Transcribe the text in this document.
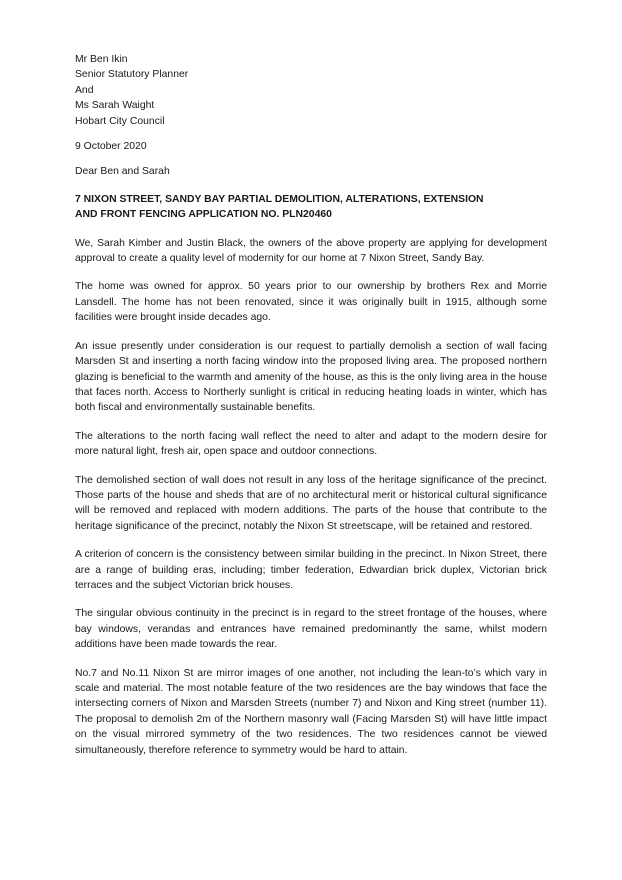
Mr Ben Ikin
Senior Statutory Planner
And
Ms Sarah Waight
Hobart City Council
9 October 2020
Dear Ben and Sarah
7 NIXON STREET, SANDY BAY PARTIAL DEMOLITION, ALTERATIONS, EXTENSION
AND FRONT FENCING APPLICATION NO. PLN20460

We, Sarah Kimber and Justin Black, the owners of the above property are applying for development approval to create a quality level of modernity for our home at 7 Nixon Street, Sandy Bay.

The home was owned for approx. 50 years prior to our ownership by brothers Rex and Morrie Lansdell. The home has not been renovated, since it was originally built in 1915, although some facilities were brought inside decades ago.

An issue presently under consideration is our request to partially demolish a section of wall facing Marsden St and inserting a north facing window into the proposed living area. The proposed northern glazing is beneficial to the warmth and amenity of the house, as this is the only living area in the house that faces north. Access to Northerly sunlight is critical in reducing heating loads in winter, which has both fiscal and environmentally sustainable benefits.

The alterations to the north facing wall reflect the need to alter and adapt to the modern desire for more natural light, fresh air, open space and outdoor connections.

The demolished section of wall does not result in any loss of the heritage significance of the precinct. Those parts of the house and sheds that are of no architectural merit or historical cultural significance will be removed and replaced with modern additions. The parts of the house that contribute to the heritage significance of the precinct, notably the Nixon St streetscape, will be retained and restored.

A criterion of concern is the consistency between similar building in the precinct. In Nixon Street, there are a range of building eras, including; timber federation, Edwardian brick duplex, Victorian brick terraces and the subject Victorian brick houses.

The singular obvious continuity in the precinct is in regard to the street frontage of the houses, where bay windows, verandas and entrances have remained predominantly the same, whilst modern additions have been made towards the rear.

No.7 and No.11 Nixon St are mirror images of one another, not including the lean-to’s which vary in scale and material. The most notable feature of the two residences are the bay windows that face the intersecting corners of Nixon and Marsden Streets (number 7) and Nixon and King street (number 11). The proposal to demolish 2m of the Northern masonry wall (Facing Marsden St) will have little impact on the visual mirrored symmetry of the two residences. The two residences cannot be viewed simultaneously, therefore reference to symmetry would be hard to attain.
